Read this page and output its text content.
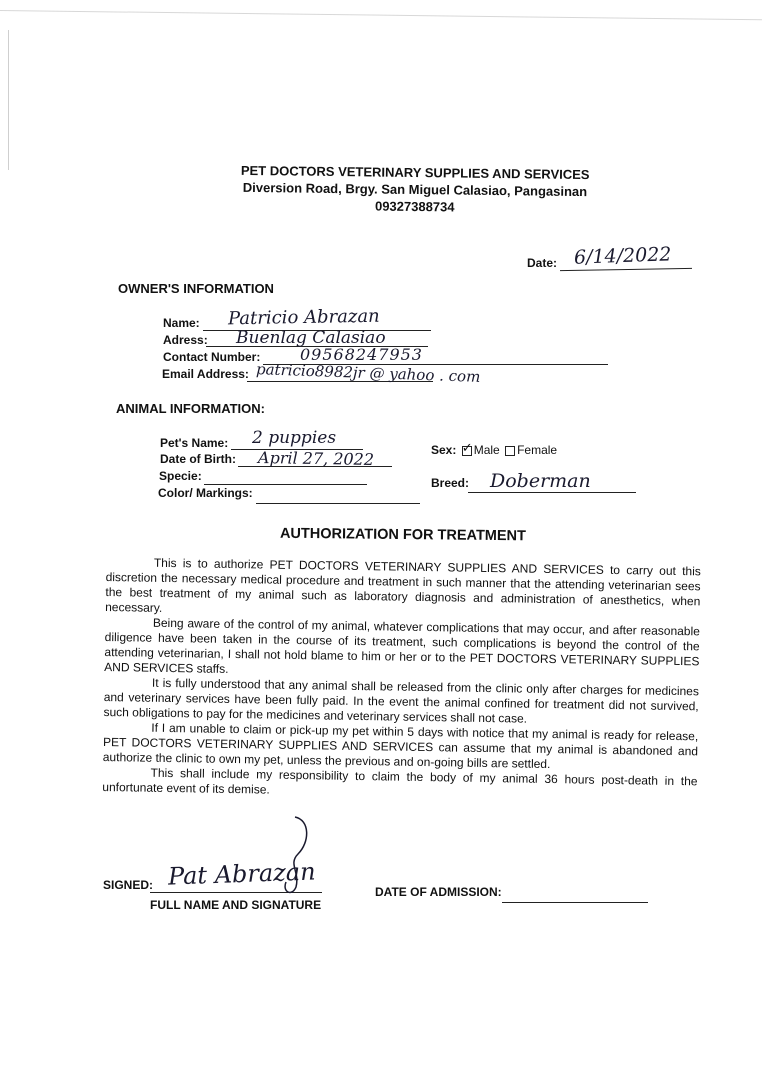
PET DOCTORS VETERINARY SUPPLIES AND SERVICES
Diversion Road, Brgy. San Miguel Calasiao, Pangasinan
09327388734
Date: 6/14/2022
OWNER'S INFORMATION
Name: Patricio Abrazan
Adress: Buenlag Calasiao
Contact Number: 09568247953
Email Address: patricio8982jr @ yahoo . com
ANIMAL INFORMATION:
Pet's Name: 2 puppies
Date of Birth: April 27, 2022
Specie:
Color/ Markings:
Sex: ✓ Male Female
Breed: Doberman
AUTHORIZATION FOR TREATMENT

This is to authorize PET DOCTORS VETERINARY SUPPLIES AND SERVICES to carry out this discretion the necessary medical procedure and treatment in such manner that the attending veterinarian sees the best treatment of my animal such as laboratory diagnosis and administration of anesthetics, when necessary.

Being aware of the control of my animal, whatever complications that may occur, and after reasonable diligence have been taken in the course of its treatment, such complications is beyond the control of the attending veterinarian, I shall not hold blame to him or her or to the PET DOCTORS VETERINARY SUPPLIES AND SERVICES staffs.

It is fully understood that any animal shall be released from the clinic only after charges for medicines and veterinary services have been fully paid. In the event the animal confined for treatment did not survived, such obligations to pay for the medicines and veterinary services shall not case.

If I am unable to claim or pick-up my pet within 5 days with notice that my animal is ready for release, PET DOCTORS VETERINARY SUPPLIES AND SERVICES can assume that my animal is abandoned and authorize the clinic to own my pet, unless the previous and on-going bills are settled.

This shall include my responsibility to claim the body of my animal 36 hours post-death in the unfortunate event of its demise.

SIGNED: Pat Abrazan
FULL NAME AND SIGNATURE
DATE OF ADMISSION:
